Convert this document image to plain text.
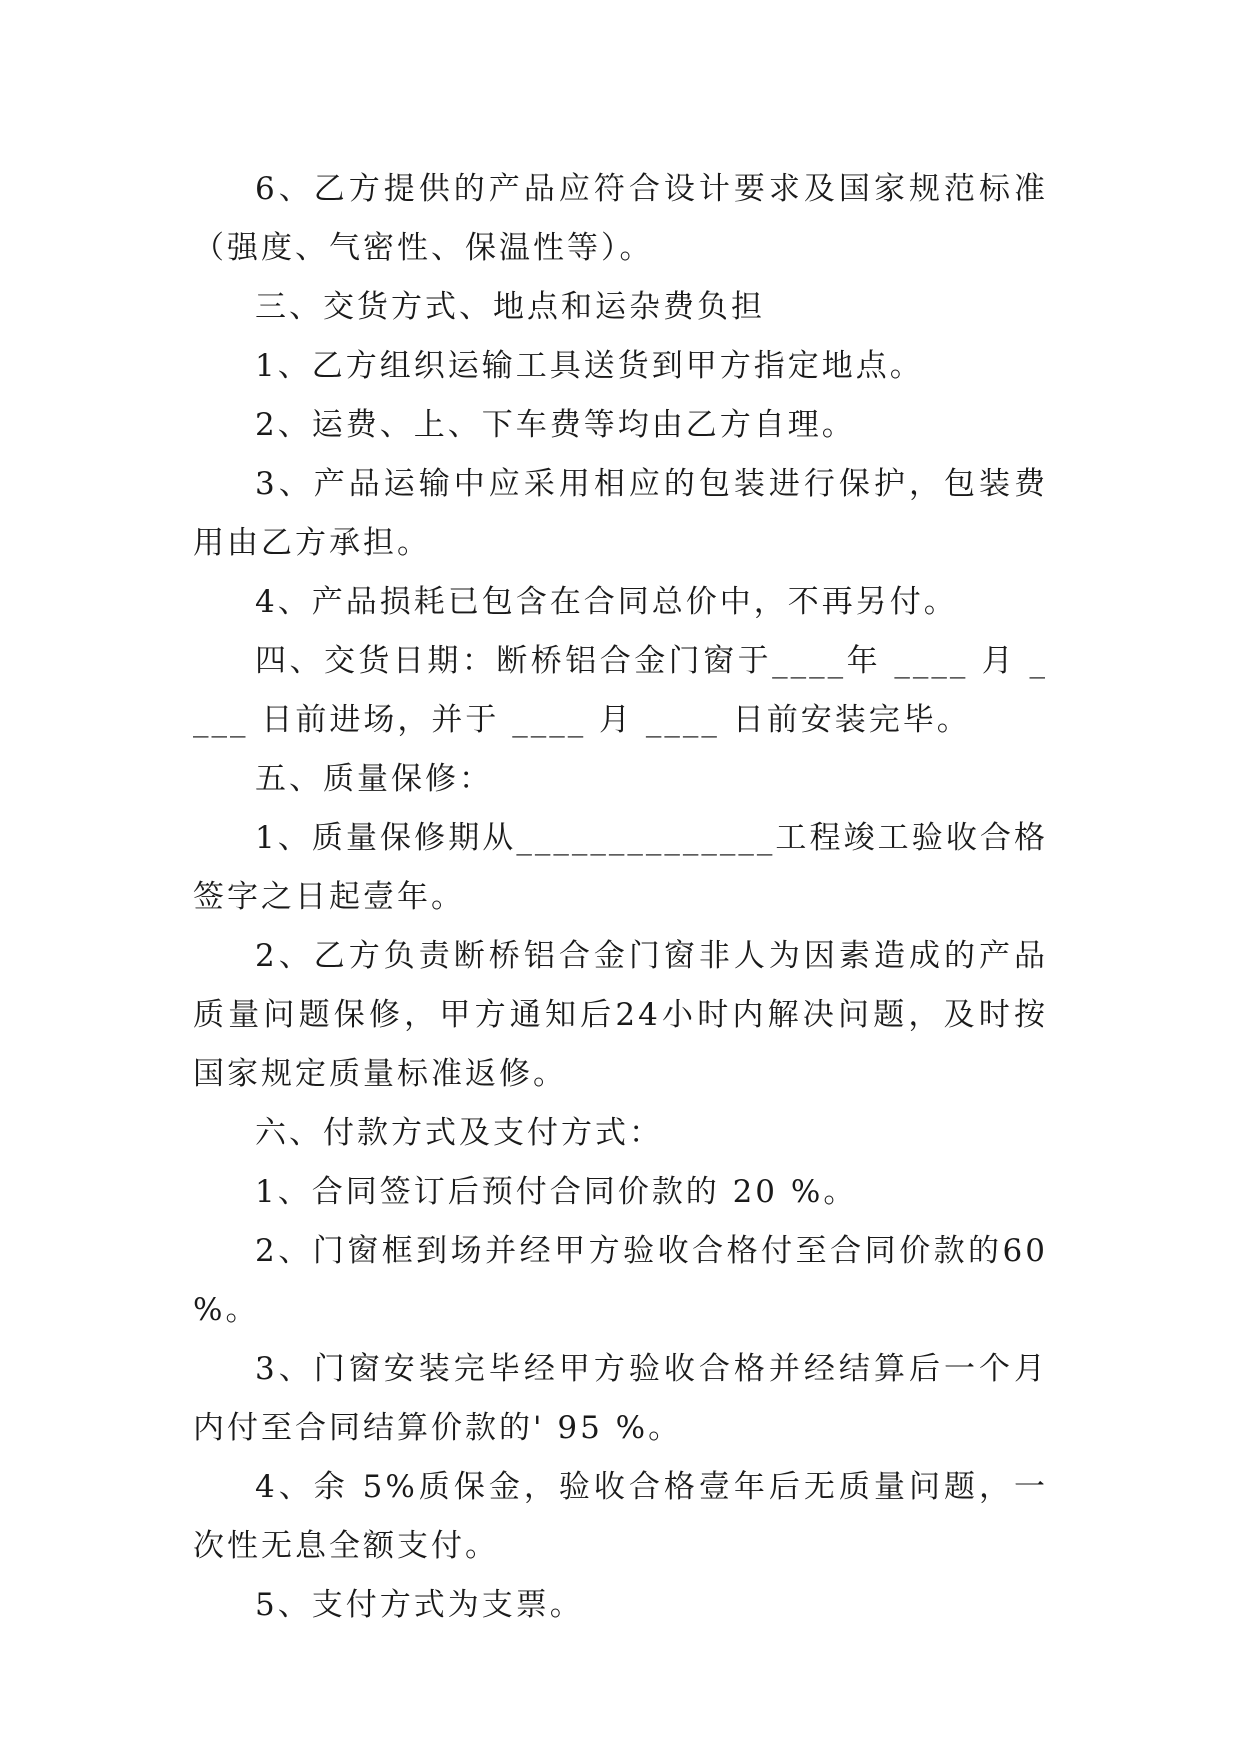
6、乙方提供的产品应符合设计要求及国家规范标准（强度、气密性、保温性等）。

三、交货方式、地点和运杂费负担

1、乙方组织运输工具送货到甲方指定地点。

2、运费、上、下车费等均由乙方自理。

3、产品运输中应采用相应的包装进行保护，包装费用由乙方承担。

4、产品损耗已包含在合同总价中，不再另付。

四、交货日期：断桥铝合金门窗于____年 ____ 月 ____ 日前进场，并于 ____ 月 ____ 日前安装完毕。

五、质量保修：

1、质量保修期从______________工程竣工验收合格签字之日起壹年。

2、乙方负责断桥铝合金门窗非人为因素造成的产品质量问题保修，甲方通知后24小时内解决问题，及时按国家规定质量标准返修。

六、付款方式及支付方式：

1、合同签订后预付合同价款的 20 %。

2、门窗框到场并经甲方验收合格付至合同价款的60 %。

3、门窗安装完毕经甲方验收合格并经结算后一个月内付至合同结算价款的' 95 %。

4、余 5%质保金，验收合格壹年后无质量问题，一次性无息全额支付。

5、支付方式为支票。
